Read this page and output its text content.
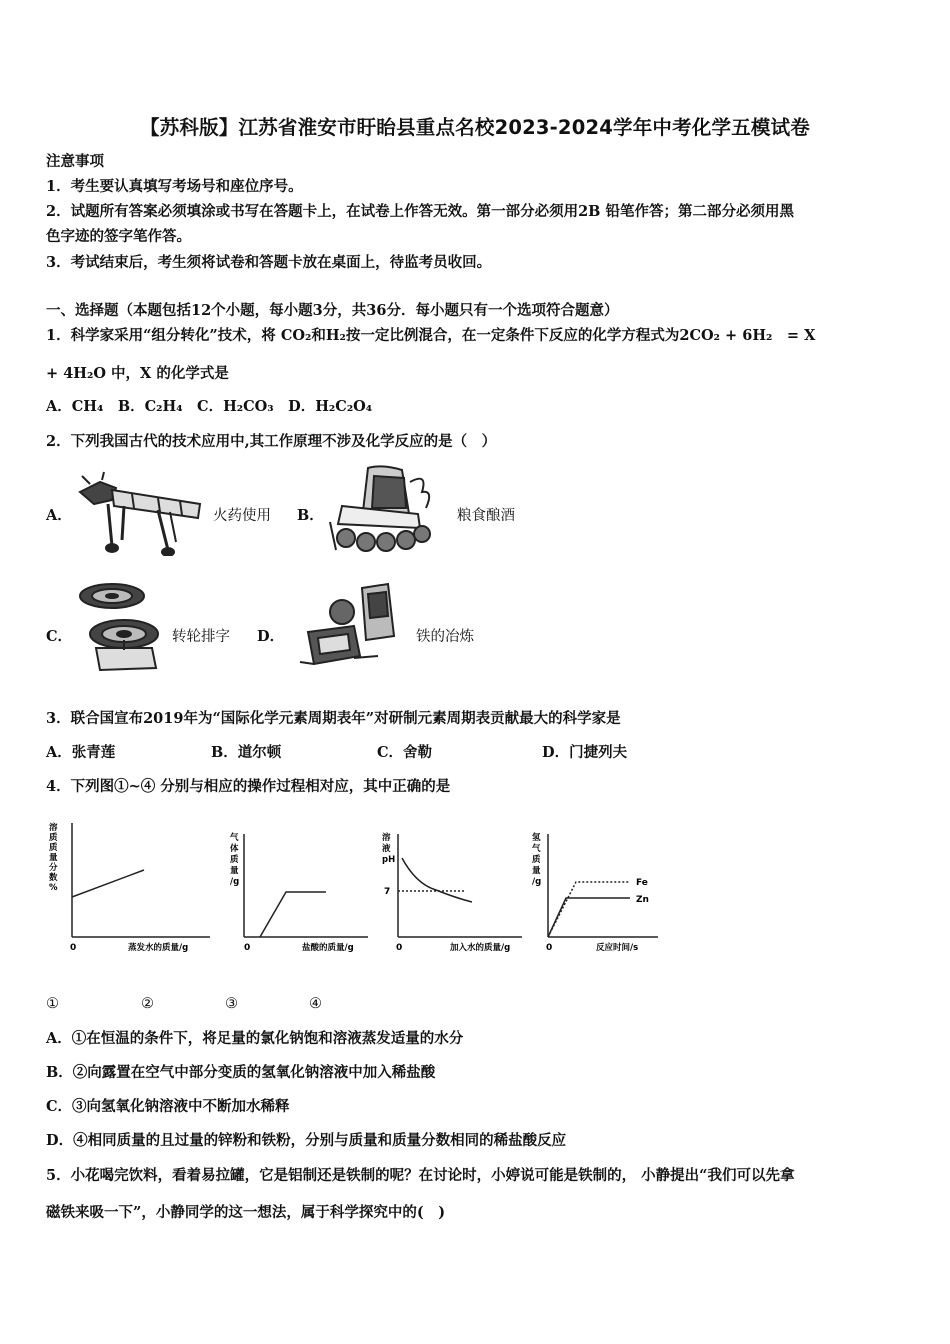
【苏科版】江苏省淮安市盱眙县重点名校2023-2024学年中考化学五模试卷
注意事项
1．考生要认真填写考场号和座位序号。
2．试题所有答案必须填涂或书写在答题卡上，在试卷上作答无效。第一部分必须用2B 铅笔作答；第二部分必须用黑
色字迹的签字笔作答。
3．考试结束后，考生须将试卷和答题卡放在桌面上，待监考员收回。
一、选择题（本题包括12个小题，每小题3分，共36分．每小题只有一个选项符合题意）
1．科学家采用“组分转化”技术，将 CO₂和H₂按一定比例混合，在一定条件下反应的化学方程式为2CO₂ + 6H₂　= X
+ 4H₂O 中，X 的化学式是
A．CH₄　B．C₂H₄　C．H₂CO₃　D．H₂C₂O₄
2．下列我国古代的技术应用中,其工作原理不涉及化学反应的是（　）
A．	火药使用 B．	粮食酿酒
C．	转轮排字 D．	铁的冶炼
3．联合国宣布2019年为“国际化学元素周期表年”对研制元素周期表贡献最大的科学家是
A．张青莲	B．道尔顿	C．舍勒	D．门捷列夫
4．下列图①~④ 分别与相应的操作过程相对应，其中正确的是
溶质质量分数%
0	蒸发水的质量/g
气体质量/g
0	盐酸的质量/g
溶液 pH
7
0	加入水的质量/g
氢气质量/g	Fe
Zn
0	反应时间/s
①	②	③	④
A．①在恒温的条件下，将足量的氯化钠饱和溶液蒸发适量的水分
B．②向露置在空气中部分变质的氢氧化钠溶液中加入稀盐酸
C．③向氢氧化钠溶液中不断加水稀释
D．④相同质量的且过量的锌粉和铁粉，分别与质量和质量分数相同的稀盐酸反应
5．小花喝完饮料，看着易拉罐，它是铝制还是铁制的呢？在讨论时，小婷说可能是铁制的， 小静提出“我们可以先拿
磁铁来吸一下”，小静同学的这一想法，属于科学探究中的(　)
